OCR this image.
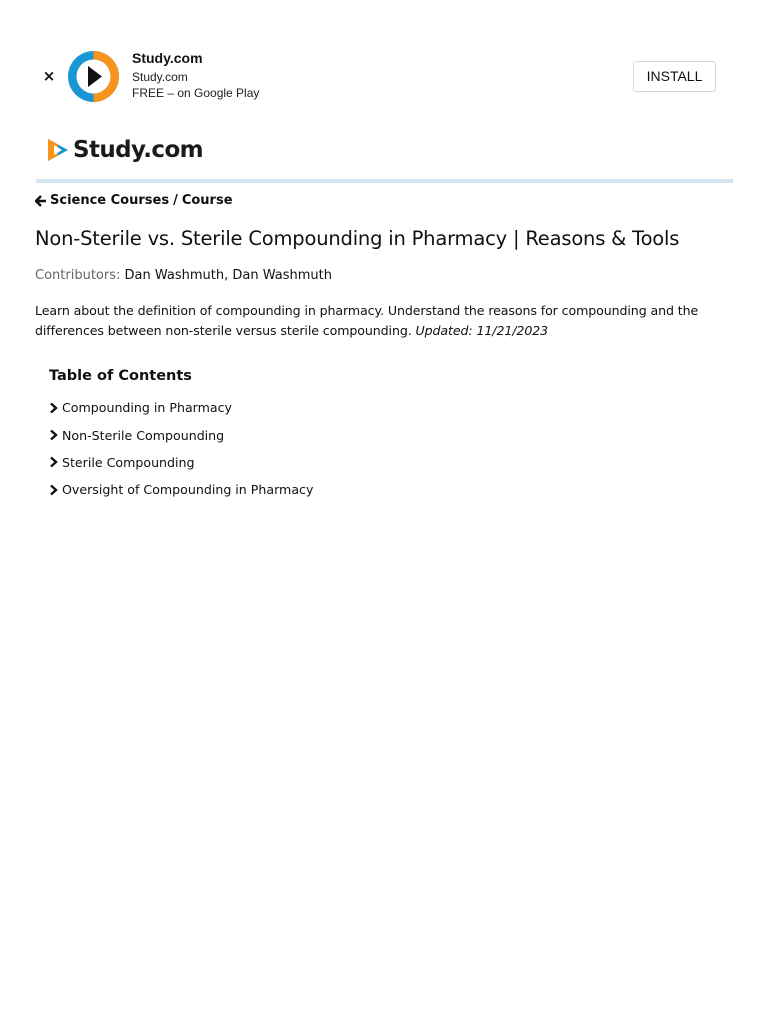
×
Study.com
Study.com
FREE – on Google Play
INSTALL
Study.com
Science Courses / Course
Non-Sterile vs. Sterile Compounding in Pharmacy | Reasons & Tools
Contributors: Dan Washmuth, Dan Washmuth

Learn about the definition of compounding in pharmacy. Understand the reasons for compounding and the differences between non-sterile versus sterile compounding. Updated: 11/21/2023

Table of Contents
Compounding in Pharmacy
Non-Sterile Compounding
Sterile Compounding
Oversight of Compounding in Pharmacy
